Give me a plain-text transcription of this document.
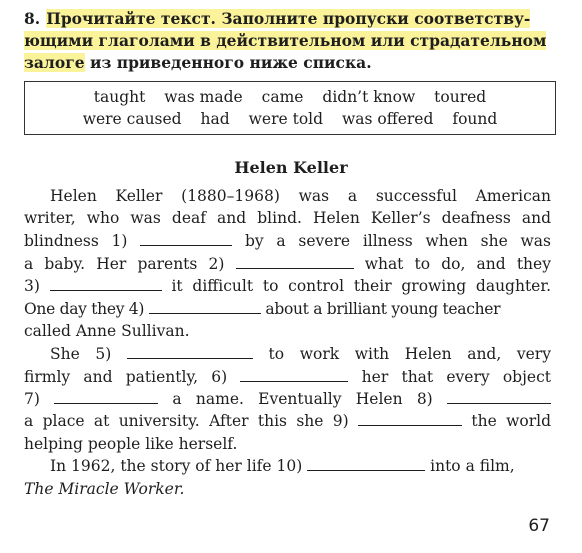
8. Прочитайте текст. Заполните пропуски соответству-
ющими глаголами в действительном или страдательном
залоге из приведенного ниже списка.
taught was made came didn’t know toured
were caused had were told was offered found
Helen Keller
Helen Keller (1880–1968) was a successful American
writer, who was deaf and blind. Helen Keller’s deafness and
blindness 1)	by a severe illness when she was
a baby. Her parents 2)	what to do, and they
3)	it difficult to control their growing daughter.
One day they 4)	about a brilliant young teacher
called Anne Sullivan.
She 5)	to work with Helen and, very
firmly and patiently, 6)	her that every object
7)	a name. Eventually Helen 8)
a place at university. After this she 9)	the world
helping people like herself.
In 1962, the story of her life 10)	into a film,
The Miracle Worker.
67
